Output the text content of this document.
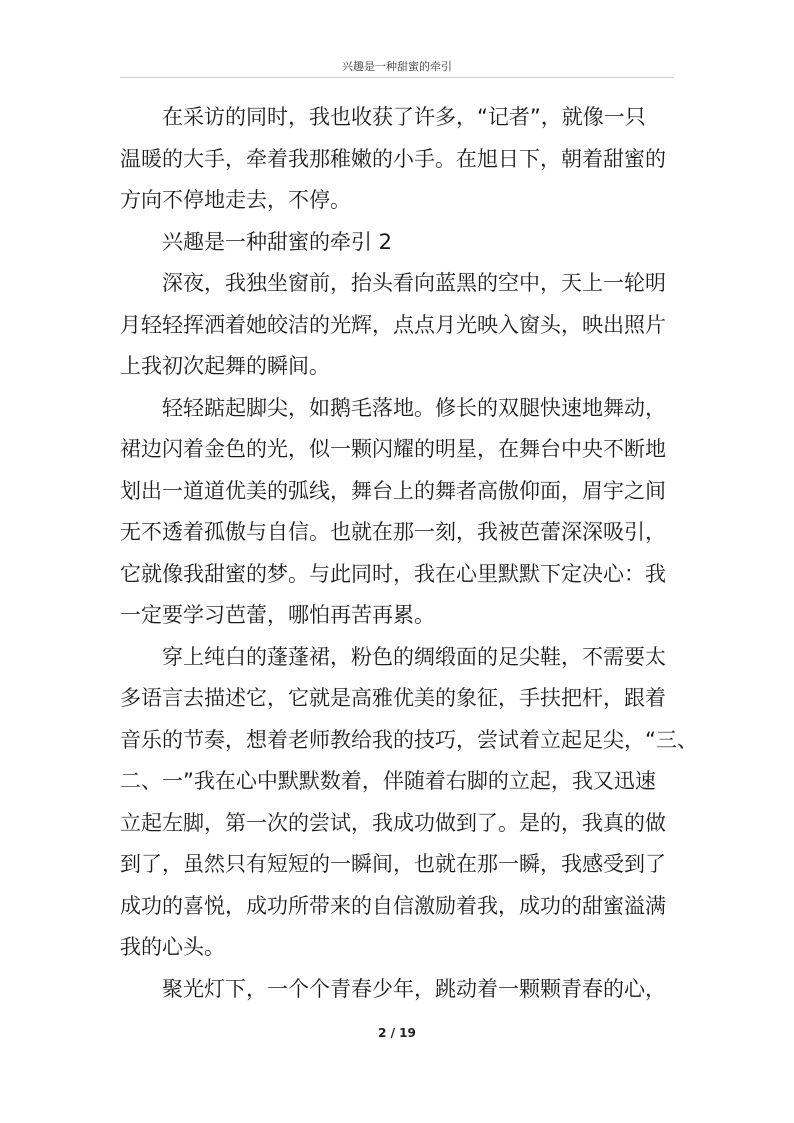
兴趣是一种甜蜜的牵引

在采访的同时，我也收获了许多，“记者”，就像一只
温暖的大手，牵着我那稚嫩的小手。在旭日下，朝着甜蜜的
方向不停地走去，不停。

兴趣是一种甜蜜的牵引 2

深夜，我独坐窗前，抬头看向蓝黑的空中，天上一轮明
月轻轻挥洒着她皎洁的光辉，点点月光映入窗头，映出照片
上我初次起舞的瞬间。

轻轻踮起脚尖，如鹅毛落地。修长的双腿快速地舞动，
裙边闪着金色的光，似一颗闪耀的明星，在舞台中央不断地
划出一道道优美的弧线，舞台上的舞者高傲仰面，眉宇之间
无不透着孤傲与自信。也就在那一刻，我被芭蕾深深吸引，
它就像我甜蜜的梦。与此同时，我在心里默默下定决心：我
一定要学习芭蕾，哪怕再苦再累。

穿上纯白的蓬蓬裙，粉色的绸缎面的足尖鞋，不需要太
多语言去描述它，它就是高雅优美的象征，手扶把杆，跟着
音乐的节奏，想着老师教给我的技巧，尝试着立起足尖，“三、
二、一”我在心中默默数着，伴随着右脚的立起，我又迅速
立起左脚，第一次的尝试，我成功做到了。是的，我真的做
到了，虽然只有短短的一瞬间，也就在那一瞬，我感受到了
成功的喜悦，成功所带来的自信激励着我，成功的甜蜜溢满
我的心头。

聚光灯下，一个个青春少年，跳动着一颗颗青春的心，

2 / 19
